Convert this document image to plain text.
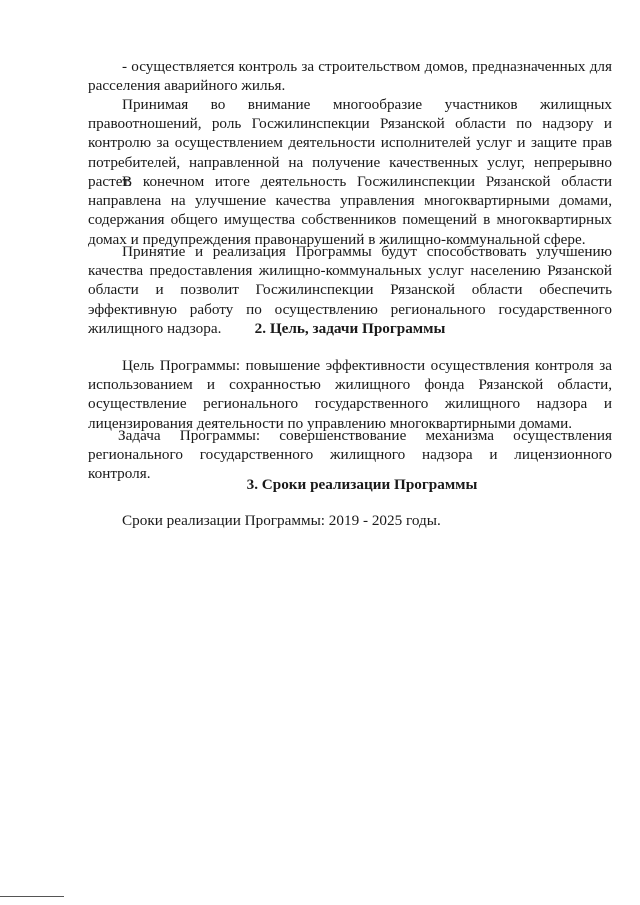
- осуществляется контроль за строительством домов, предназначенных для расселения аварийного жилья.

Принимая во внимание многообразие участников жилищных правоотношений, роль Госжилинспекции Рязанской области по надзору и контролю за осуществлением деятельности исполнителей услуг и защите прав потребителей, направленной на получение качественных услуг, непрерывно растет.

В конечном итоге деятельность Госжилинспекции Рязанской области направлена на улучшение качества управления многоквартирными домами, содержания общего имущества собственников помещений в многоквартирных домах и предупреждения правонарушений в жилищно-коммунальной сфере.

Принятие и реализация Программы будут способствовать улучшению качества предоставления жилищно-коммунальных услуг населению Рязанской области и позволит Госжилинспекции Рязанской области обеспечить эффективную работу по осуществлению регионального государственного жилищного надзора.	2. Цель, задачи Программы

Цель Программы: повышение эффективности осуществления контроля за использованием и сохранностью жилищного фонда Рязанской области, осуществление регионального государственного жилищного надзора и лицензирования деятельности по управлению многоквартирными домами.

Задача Программы: совершенствование механизма осуществления регионального государственного жилищного надзора и лицензионного контроля.

3. Сроки реализации Программы

Сроки реализации Программы: 2019 - 2025 годы.
